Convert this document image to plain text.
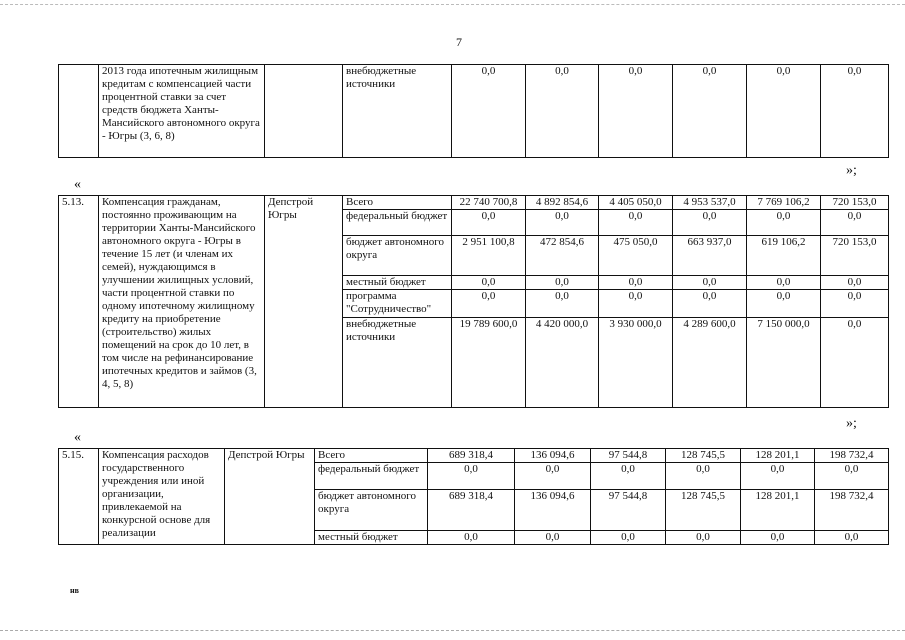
7
	2013 года ипотечным жилищным кредитам с компенсацией части процентной ставки за счет средств бюджета Ханты-Мансийского автономного округа - Югры (3, 6, 8)		внебюджетные источники	0,0	0,0	0,0	0,0	0,0	0,0
»;
«
5.13.	Компенсация гражданам, постоянно проживающим на территории Ханты-Мансийского автономного округа - Югры в течение 15 лет (и членам их семей), нуждающимся в улучшении жилищных условий, части процентной ставки по одному ипотечному жилищному кредиту на приобретение (строительство) жилых помещений на срок до 10 лет, в том числе на рефинансирование ипотечных кредитов и займов (3, 4, 5, 8)	Депстрой Югры	Всего	22 740 700,8	4 892 854,6	4 405 050,0	4 953 537,0	7 769 106,2	720 153,0
			федеральный бюджет	0,0	0,0	0,0	0,0	0,0	0,0
			бюджет автономного округа	2 951 100,8	472 854,6	475 050,0	663 937,0	619 106,2	720 153,0
			местный бюджет	0,0	0,0	0,0	0,0	0,0	0,0
			программа "Сотрудничество"	0,0	0,0	0,0	0,0	0,0	0,0
			внебюджетные источники	19 789 600,0	4 420 000,0	3 930 000,0	4 289 600,0	7 150 000,0	0,0
»;
«
5.15.	Компенсация расходов государственного учреждения или иной организации, привлекаемой на конкурсной основе для реализации	Депстрой Югры	Всего	689 318,4	136 094,6	97 544,8	128 745,5	128 201,1	198 732,4
			федеральный бюджет	0,0	0,0	0,0	0,0	0,0	0,0
			бюджет автономного округа	689 318,4	136 094,6	97 544,8	128 745,5	128 201,1	198 732,4
			местный бюджет	0,0	0,0	0,0	0,0	0,0	0,0
нв
